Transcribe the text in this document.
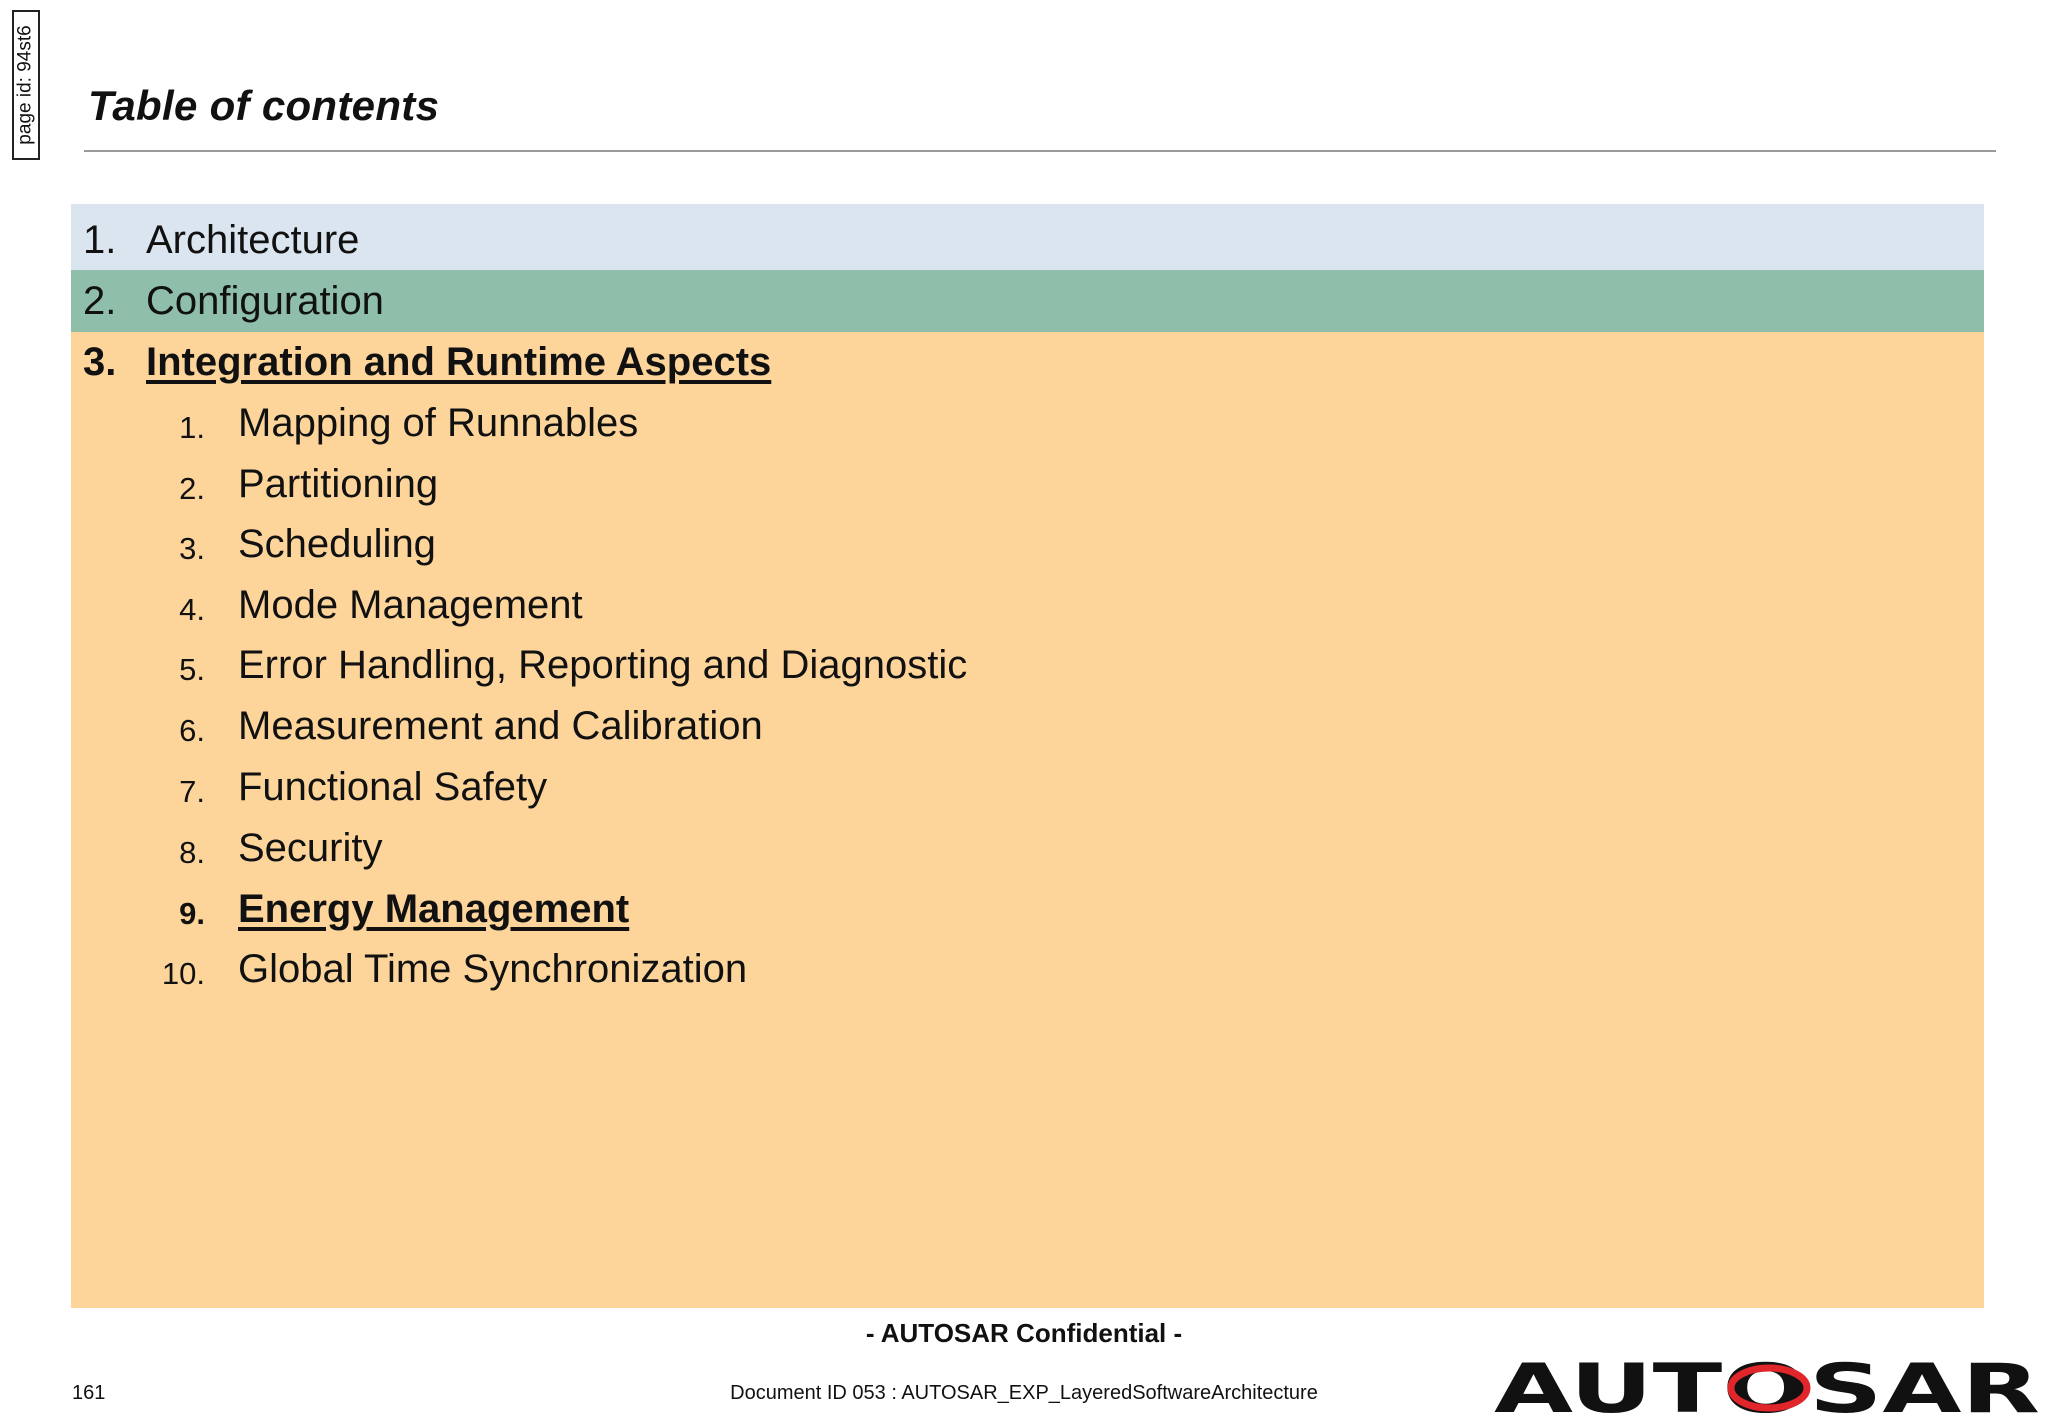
page id: 94st6 Table of contents
1. Architecture
2. Configuration
3. Integration and Runtime Aspects
1. Mapping of Runnables
2. Partitioning
3. Scheduling
4. Mode Management
5. Error Handling, Reporting and Diagnostic
6. Measurement and Calibration
7. Functional Safety
8. Security
9. Energy Management
10. Global Time Synchronization
- AUTOSAR Confidential -
161	Document ID 053 : AUTOSAR_EXP_LayeredSoftwareArchitecture	AUTOSAR
